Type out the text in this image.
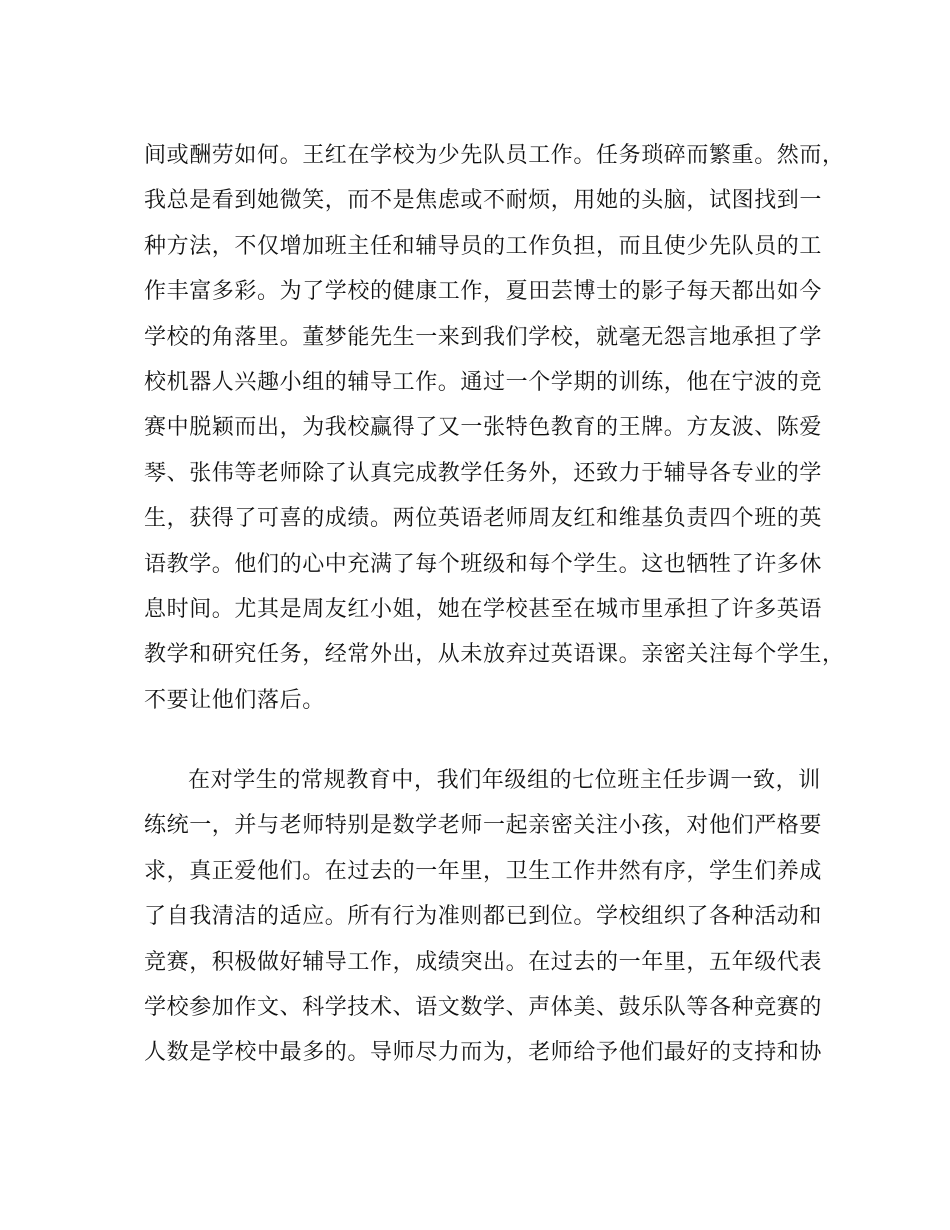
间或酬劳如何。王红在学校为少先队员工作。任务琐碎而繁重。然而，
我总是看到她微笑，而不是焦虑或不耐烦，用她的头脑，试图找到一
种方法，不仅增加班主任和辅导员的工作负担，而且使少先队员的工
作丰富多彩。为了学校的健康工作，夏田芸博士的影子每天都出如今
学校的角落里。董梦能先生一来到我们学校，就毫无怨言地承担了学
校机器人兴趣小组的辅导工作。通过一个学期的训练，他在宁波的竞
赛中脱颖而出，为我校赢得了又一张特色教育的王牌。方友波、陈爱
琴、张伟等老师除了认真完成教学任务外，还致力于辅导各专业的学
生，获得了可喜的成绩。两位英语老师周友红和维基负责四个班的英
语教学。他们的心中充满了每个班级和每个学生。这也牺牲了许多休
息时间。尤其是周友红小姐，她在学校甚至在城市里承担了许多英语
教学和研究任务，经常外出，从未放弃过英语课。亲密关注每个学生，
不要让他们落后。
在对学生的常规教育中，我们年级组的七位班主任步调一致，训
练统一，并与老师特别是数学老师一起亲密关注小孩，对他们严格要
求，真正爱他们。在过去的一年里，卫生工作井然有序，学生们养成
了自我清洁的适应。所有行为准则都已到位。学校组织了各种活动和
竞赛，积极做好辅导工作，成绩突出。在过去的一年里，五年级代表
学校参加作文、科学技术、语文数学、声体美、鼓乐队等各种竞赛的
人数是学校中最多的。导师尽力而为，老师给予他们最好的支持和协
